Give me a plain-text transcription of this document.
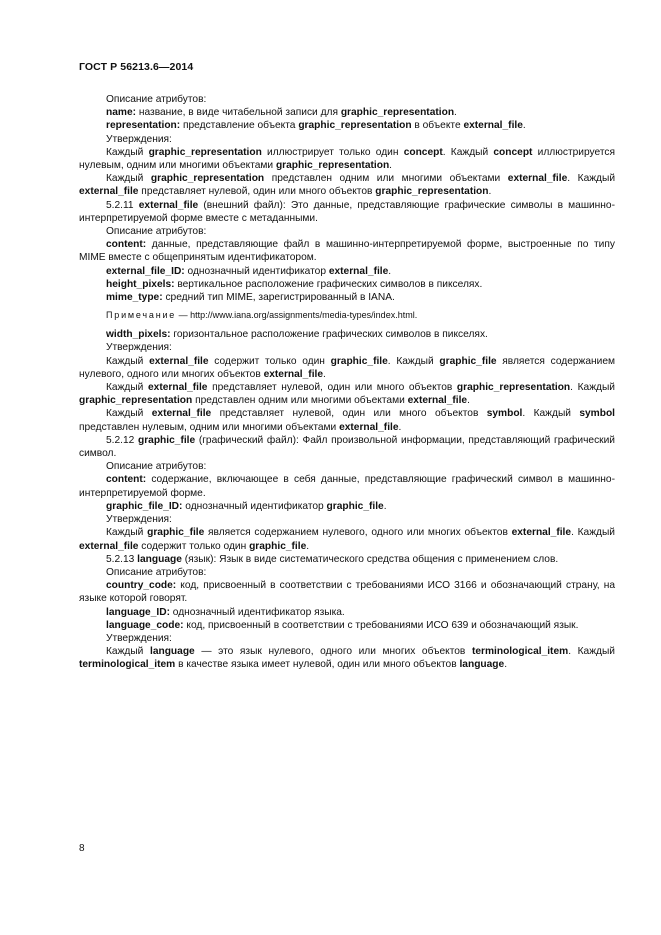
ГОСТ Р 56213.6—2014

Описание атрибутов:

name: название, в виде читабельной записи для graphic_representation.

representation: представление объекта graphic_representation в объекте external_file.

Утверждения:

Каждый graphic_representation иллюстрирует только один concept. Каждый concept иллюстрируется нулевым, одним или многими объектами graphic_representation.

Каждый graphic_representation представлен одним или многими объектами external_file. Каждый external_file представляет нулевой, один или много объектов graphic_representation.

5.2.11 external_file (внешний файл): Это данные, представляющие графические символы в машинно-интерпретируемой форме вместе с метаданными.

Описание атрибутов:

content: данные, представляющие файл в машинно-интерпретируемой форме, выстроенные по типу MIME вместе с общепринятым идентификатором.

external_file_ID: однозначный идентификатор external_file.

height_pixels: вертикальное расположение графических символов в пикселях.

mime_type: средний тип MIME, зарегистрированный в IANA.

Примечание — http://www.iana.org/assignments/media-types/index.html.

width_pixels: горизонтальное расположение графических символов в пикселях.

Утверждения:

Каждый external_file содержит только один graphic_file. Каждый graphic_file является содержанием нулевого, одного или многих объектов external_file.

Каждый external_file представляет нулевой, один или много объектов graphic_representation. Каждый graphic_representation представлен одним или многими объектами external_file.

Каждый external_file представляет нулевой, один или много объектов symbol. Каждый symbol представлен нулевым, одним или многими объектами external_file.

5.2.12 graphic_file (графический файл): Файл произвольной информации, представляющий графический символ.

Описание атрибутов:

content: содержание, включающее в себя данные, представляющие графический символ в машинно-интерпретируемой форме.

graphic_file_ID: однозначный идентификатор graphic_file.

Утверждения:

Каждый graphic_file является содержанием нулевого, одного или многих объектов external_file. Каждый external_file содержит только один graphic_file.

5.2.13 language (язык): Язык в виде систематического средства общения с применением слов.

Описание атрибутов:

country_code: код, присвоенный в соответствии с требованиями ИСО 3166 и обозначающий страну, на языке которой говорят.

language_ID: однозначный идентификатор языка.

language_code: код, присвоенный в соответствии с требованиями ИСО 639 и обозначающий язык.

Утверждения:

Каждый language — это язык нулевого, одного или многих объектов terminological_item. Каждый terminological_item в качестве языка имеет нулевой, один или много объектов language.

8
